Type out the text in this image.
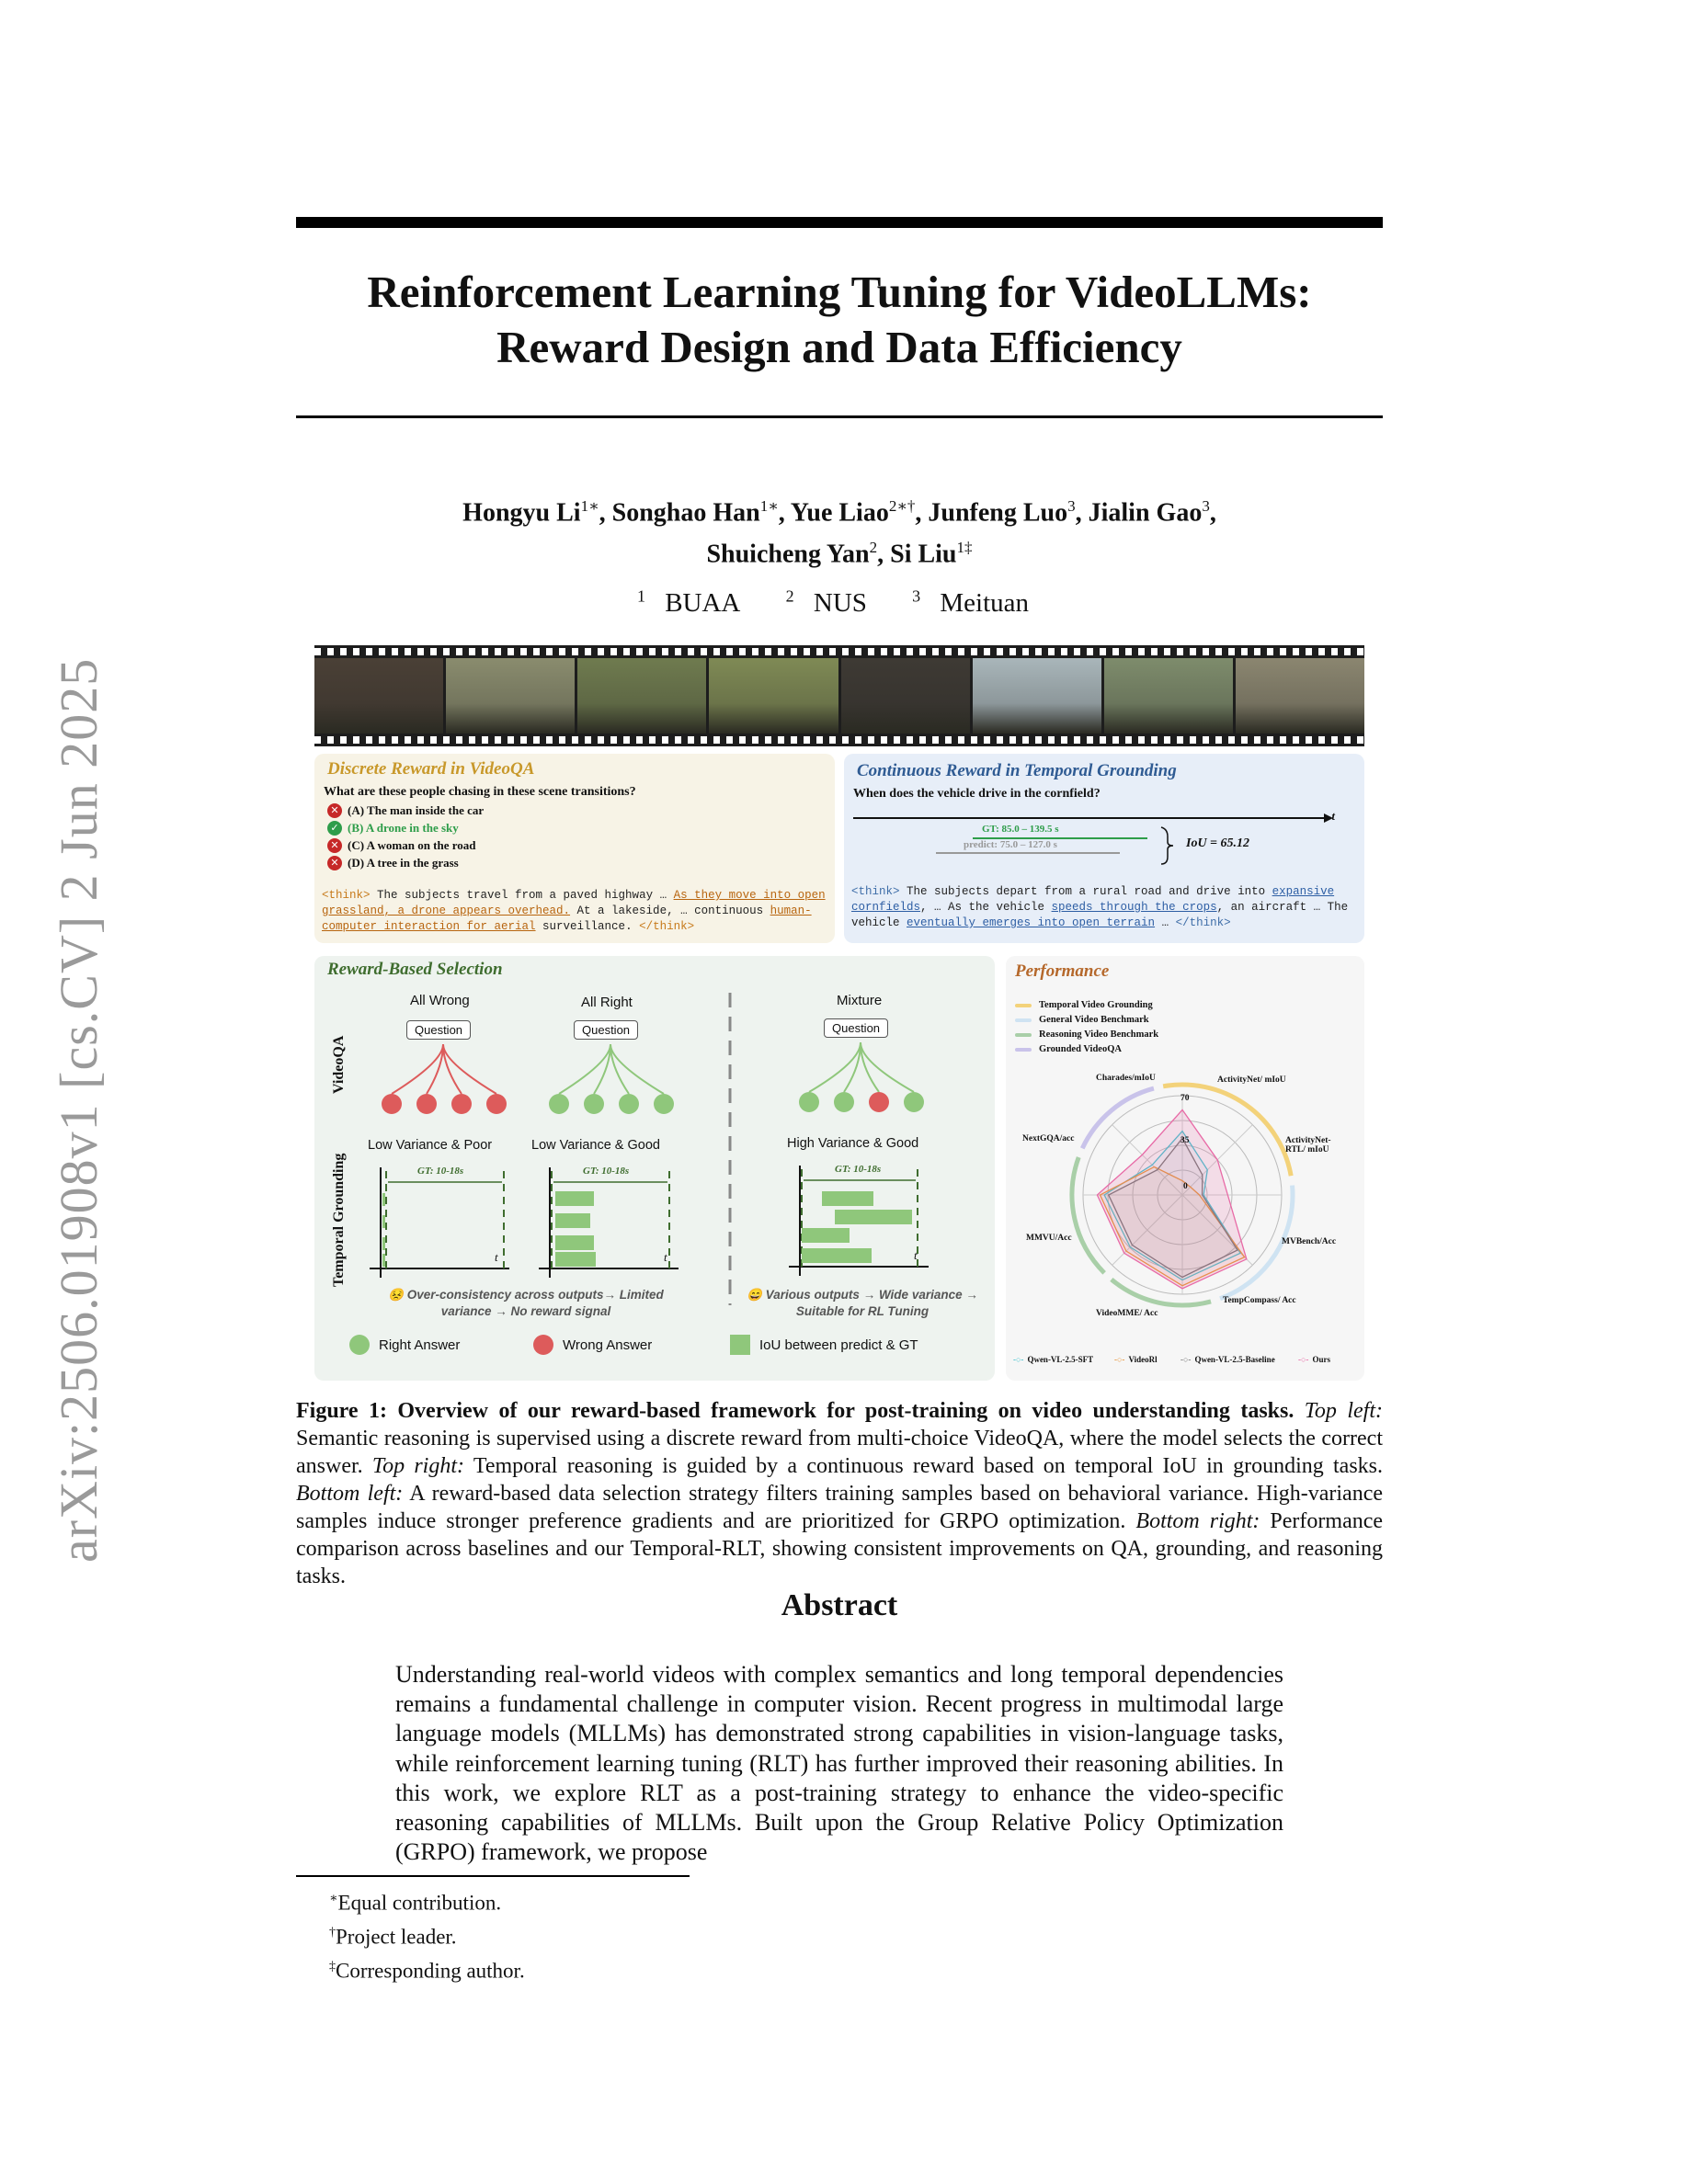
arXiv:2506.01908v1 [cs.CV] 2 Jun 2025
Reinforcement Learning Tuning for VideoLLMs:
Reward Design and Data Efficiency
Hongyu $Li^{1∗}$, Songhao Han$^{1∗}$, Yue Liao$^{2∗\dagger}$, Junfeng Luo$^3$, Jialin Gao$^3$,
Shuicheng Yan$^2$, Si Liu$^{1\ddagger}$
$^1$ BUAA	$^2$ NUS	$^3$ Meituan
Discrete Reward in VideoQA
What are these people chasing in these scene transitions?
✕ (A) The man inside the car
✓ (B) A drone in the sky
✕ (C) A woman on the road
✕ (D) A tree in the grass
<think> The subjects travel from a paved highway … As they move into open grassland, a drone appears overhead. At a lakeside, … continuous human-computer interaction for aerial surveillance. </think>
Continuous Reward in Temporal Grounding
When does the vehicle drive in the cornfield?
t
GT: 85.0 – 139.5 s
predict: 75.0 – 127.0 s	IoU = 65.12
<think> The subjects depart from a rural road and drive into expansive cornfields, … As the vehicle speeds through the crops, an aircraft … The vehicle eventually emerges into open terrain … </think>
Reward-Based Selection
VideoQA
Temporal Grounding
All Wrong	All Right	Mixture
Question	Question	Question
Low Variance & Poor	Low Variance & Good	High Variance & Good
GT: 10-18s	GT: 10-18s	GT: 10-18s
t	t	t
😣 Over-consistency across outputs→ Limited variance → No reward signal
😄 Various outputs → Wide variance → Suitable for RL Tuning
Right Answer	Wrong Answer	IoU between predict & GT
Performance
Temporal Video Grounding
General Video Benchmark
Reasoning Video Benchmark
Grounded VideoQA
Charades/mIoU	ActivityNet/ mIoU
ActivityNet-RTL/ mIoU
MVBench/Acc
TempCompass/ Acc
VideoMME/ Acc
MMVU/Acc
NextGQA/acc
70
35
0
-○- Qwen-VL-2.5-SFT	-○- VideoRl	-○- Qwen-VL-2.5-Baseline	-○- Ours
Figure 1: Overview of our reward-based framework for post-training on video understanding tasks. Top left: Semantic reasoning is supervised using a discrete reward from multi-choice VideoQA, where the model selects the correct answer. Top right: Temporal reasoning is guided by a continuous reward based on temporal IoU in grounding tasks. Bottom left: A reward-based data selection strategy filters training samples based on behavioral variance. High-variance samples induce stronger preference gradients and are prioritized for GRPO optimization. Bottom right: Performance comparison across baselines and our Temporal-RLT, showing consistent improvements on QA, grounding, and reasoning tasks.
Abstract
Understanding real-world videos with complex semantics and long temporal dependencies remains a fundamental challenge in computer vision. Recent progress in multimodal large language models (MLLMs) has demonstrated strong capabilities in vision-language tasks, while reinforcement learning tuning (RLT) has further improved their reasoning abilities. In this work, we explore RLT as a post-training strategy to enhance the video-specific reasoning capabilities of MLLMs. Built upon the Group Relative Policy Optimization (GRPO) framework, we propose
∗Equal contribution.
†Project leader.
‡Corresponding author.
